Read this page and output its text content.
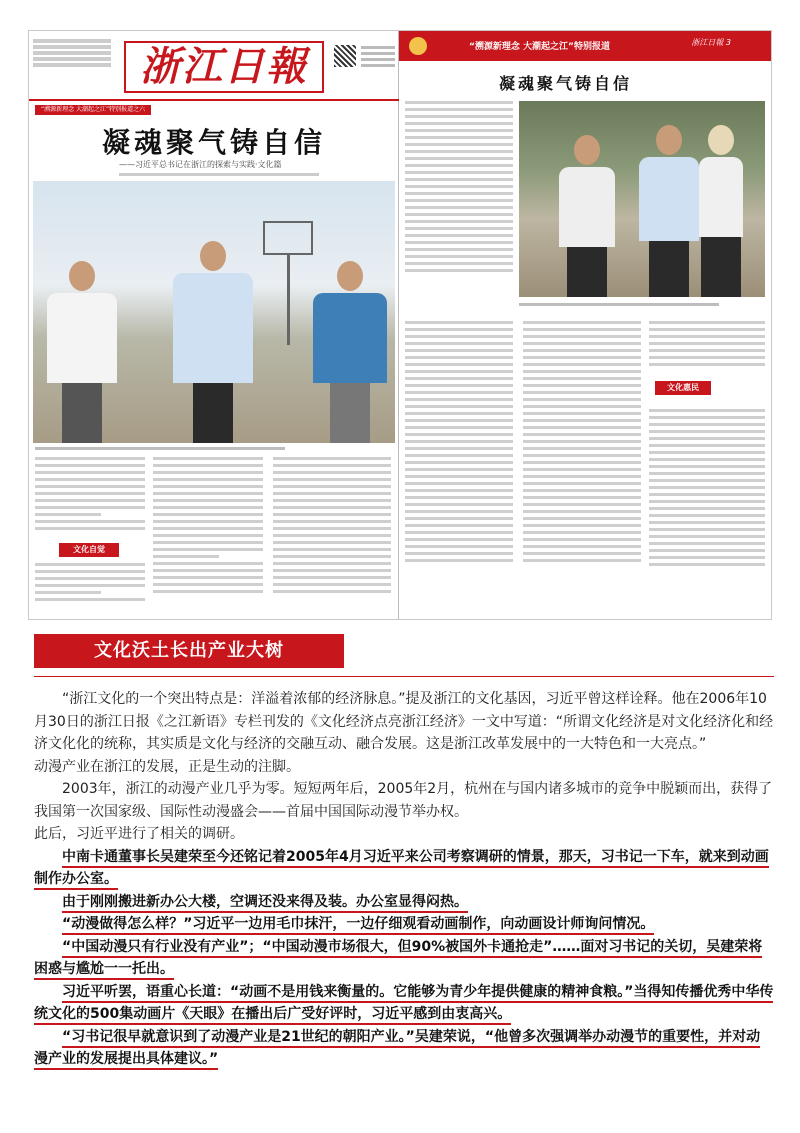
浙江日報
“溯源新理念 大潮起之江”特别报道之六
凝魂聚气铸自信
——习近平总书记在浙江的探索与实践·文化篇
文化自觉
“溯源新理念 大潮起之江”特别报道	浙江日報 3
凝魂聚气铸自信
文化惠民
文化沃土长出产业大树

“浙江文化的一个突出特点是：洋溢着浓郁的经济脉息。”提及浙江的文化基因，习近平曾这样诠释。他在2006年10月30日的浙江日报《之江新语》专栏刊发的《文化经济点亮浙江经济》一文中写道：“所谓文化经济是对文化经济化和经济文化化的统称，其实质是文化与经济的交融互动、融合发展。这是浙江改革发展中的一大特色和一大亮点。”

动漫产业在浙江的发展，正是生动的注脚。

2003年，浙江的动漫产业几乎为零。短短两年后，2005年2月，杭州在与国内诸多城市的竞争中脱颖而出，获得了我国第一次国家级、国际性动漫盛会——首届中国国际动漫节举办权。

此后，习近平进行了相关的调研。

中南卡通董事长吴建荣至今还铭记着2005年4月习近平来公司考察调研的情景，那天，习书记一下车，就来到动画制作办公室。

由于刚刚搬进新办公大楼，空调还没来得及装。办公室显得闷热。

“动漫做得怎么样？”习近平一边用毛巾抹汗，一边仔细观看动画制作，向动画设计师询问情况。

“中国动漫只有行业没有产业”；“中国动漫市场很大，但90%被国外卡通抢走”……面对习书记的关切，吴建荣将困惑与尴尬一一托出。

习近平听罢，语重心长道：“动画不是用钱来衡量的。它能够为青少年提供健康的精神食粮。”当得知传播优秀中华传统文化的500集动画片《天眼》在播出后广受好评时，习近平感到由衷高兴。

“习书记很早就意识到了动漫产业是21世纪的朝阳产业。”吴建荣说，“他曾多次强调举办动漫节的重要性，并对动漫产业的发展提出具体建议。”
